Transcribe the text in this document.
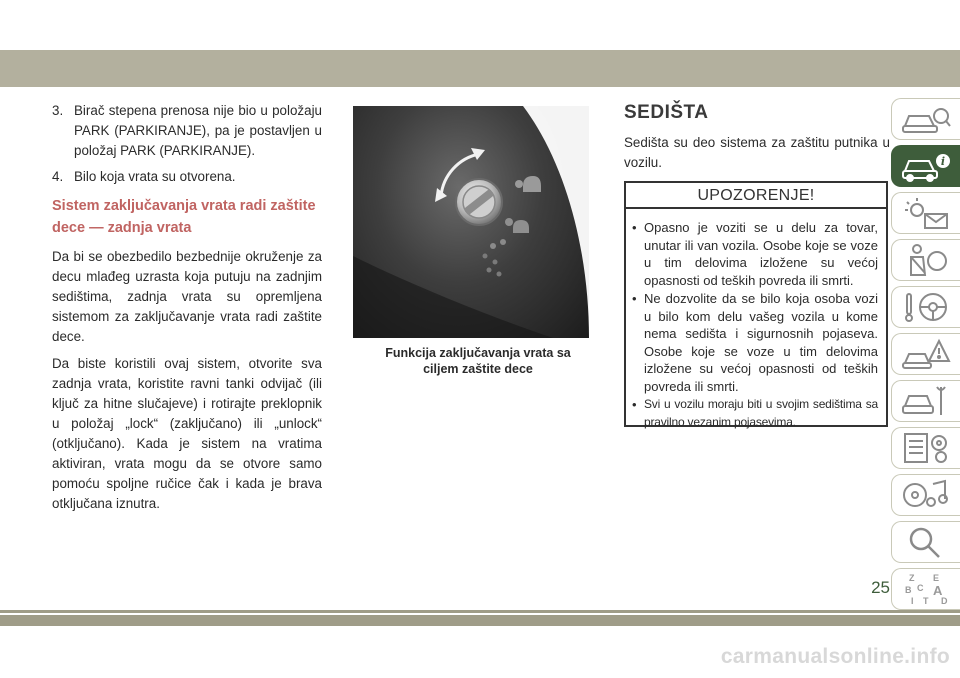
3. Birač stepena prenosa nije bio u položaju PARK (PARKIRANJE), pa je postavljen u položaj PARK (PARKIRANJE).
4. Bilo koja vrata su otvorena.
Sistem zaključavanja vrata radi zaštite dece — zadnja vrata

Da bi se obezbedilo bezbednije okruženje za decu mlađeg uzrasta koja putuju na zadnjim sedištima, zadnja vrata su opremljena sistemom za zaključavanje vrata radi zaštite dece.

Da biste koristili ovaj sistem, otvorite sva zadnja vrata, koristite ravni tanki odvijač (ili ključ za hitne slučajeve) i rotirajte preklopnik u položaj „lock“ (zaključano) ili „unlock“ (otključano). Kada je sistem na vratima aktiviran, vrata mogu da se otvore samo pomoću spoljne ručice čak i kada je brava otključana iznutra.

Funkcija zaključavanja vrata sa
ciljem zaštite dece
SEDIŠTA

Sedišta su deo sistema za zaštitu putnika u vozilu.

UPOZORENJE!
• Opasno je voziti se u delu za tovar, unutar ili van vozila. Osobe koje se voze u tim delovima izložene su većoj opasnosti od teških povreda ili smrti.
• Ne dozvolite da se bilo koja osoba vozi u bilo kom delu vašeg vozila u kome nema sedišta i sigurnosnih pojaseva. Osobe koje se voze u tim delovima izložene su većoj opasnosti od teških povreda ili smrti.
• Svi u vozilu moraju biti u svojim sedištima sa pravilno vezanim pojasevima.
i
Z E
B A
C
D
I T
25
carmanualsonline.info
